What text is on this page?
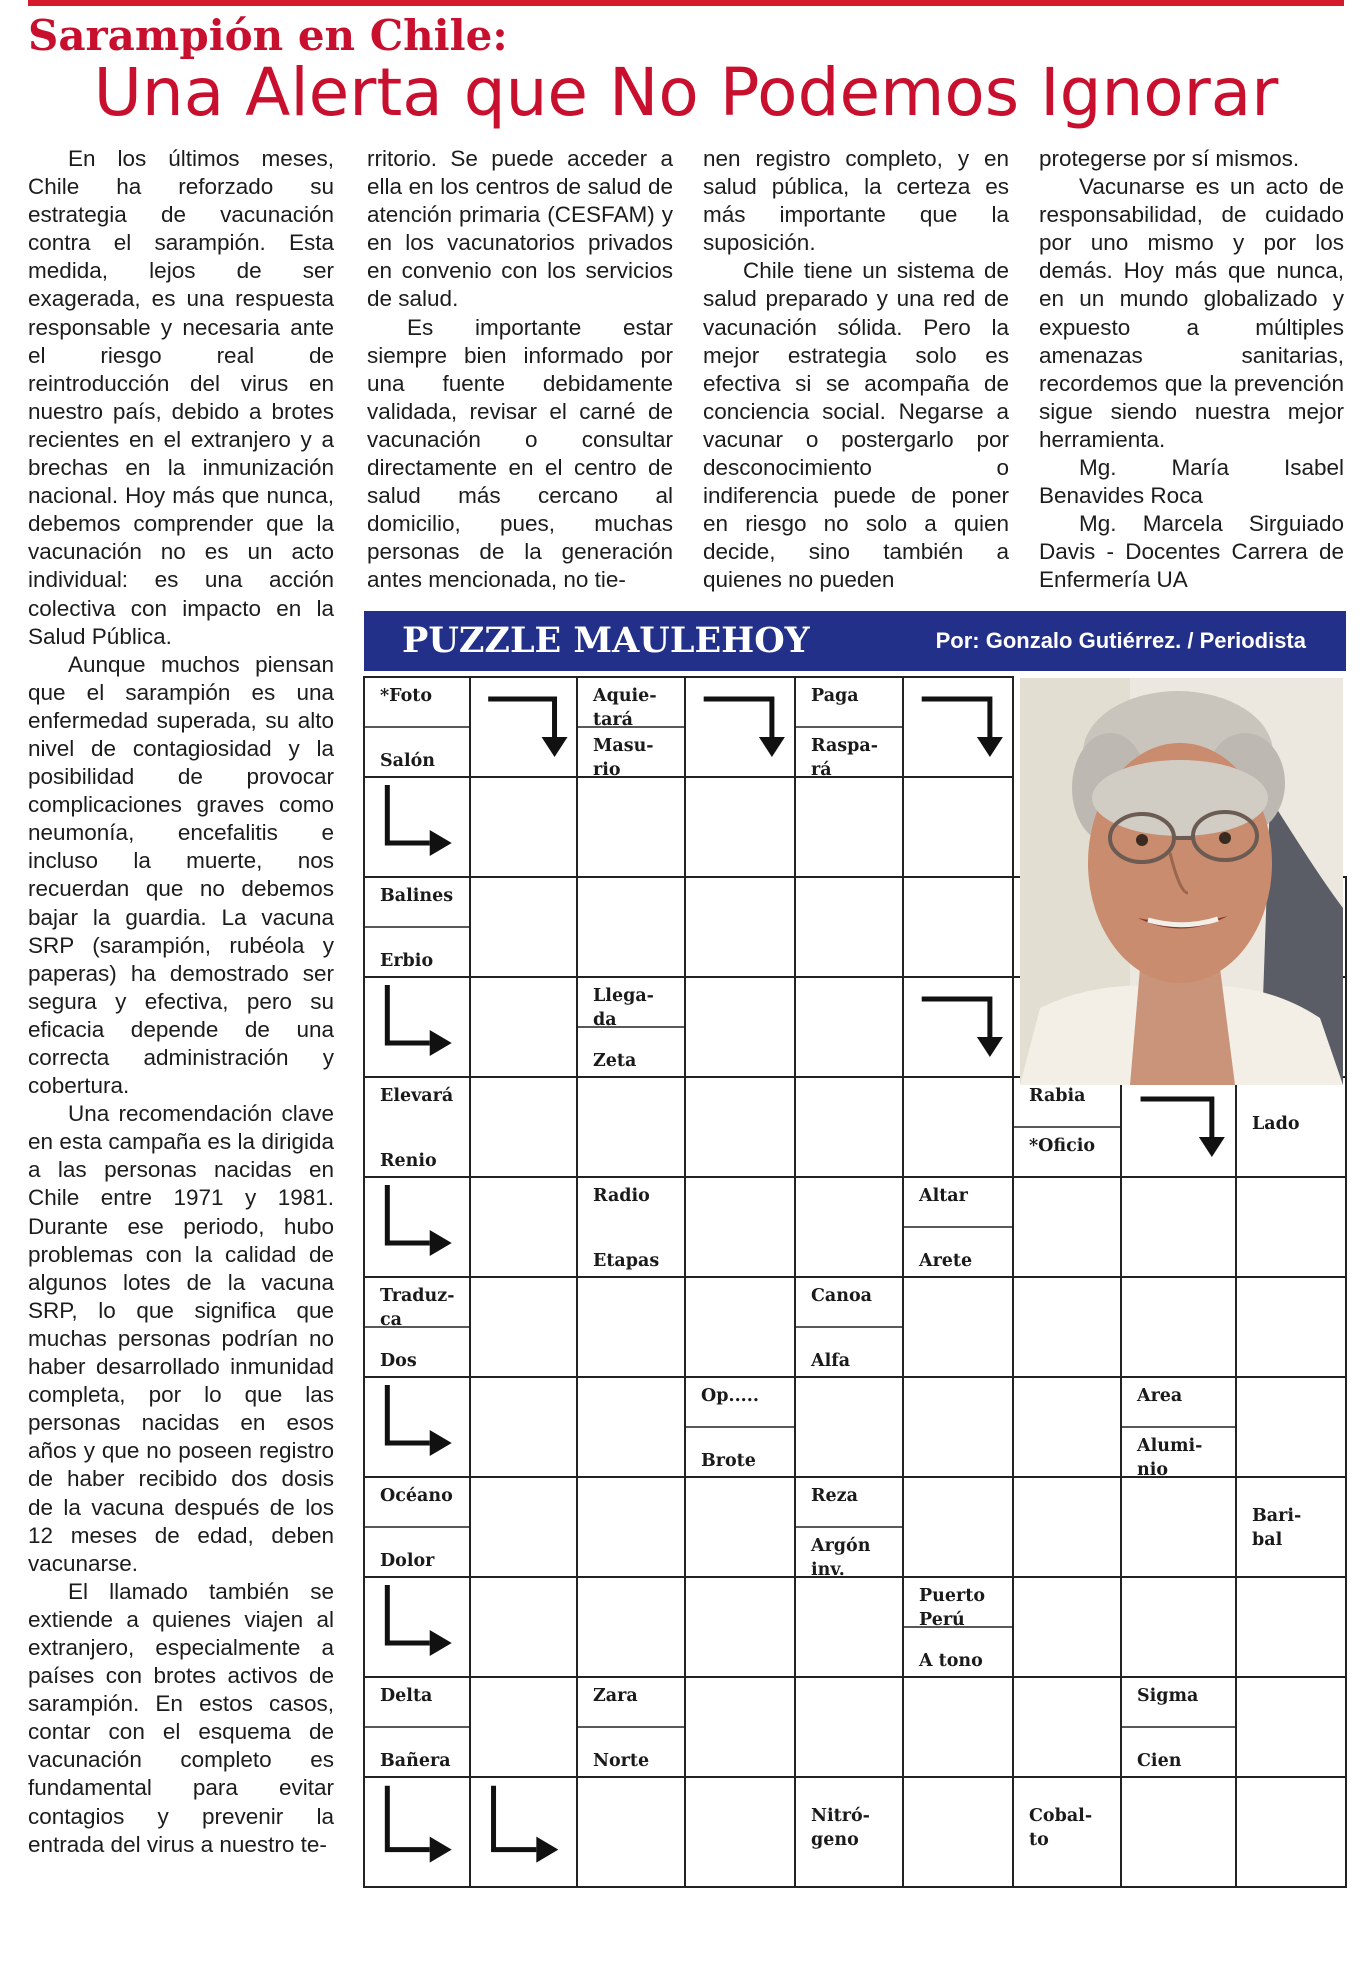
Sarampión en Chile:
Una Alerta que No Podemos Ignorar

En los últimos meses, Chile ha reforzado su estrategia de vacunación contra el sarampión. Esta medida, lejos de ser exagerada, es una respuesta responsable y necesaria ante el riesgo real de reintroducción del virus en nuestro país, debido a brotes recientes en el extranjero y a brechas en la inmunización nacional. Hoy más que nunca, debemos comprender que la vacunación no es un acto individual: es una acción colectiva con impacto en la Salud Pública.

Aunque muchos piensan que el sarampión es una enfermedad superada, su alto nivel de contagiosidad y la posibilidad de provocar complicaciones graves como neumonía, encefalitis e incluso la muerte, nos recuerdan que no debemos bajar la guardia. La vacuna SRP (sarampión, rubéola y paperas) ha demostrado ser segura y efectiva, pero su eficacia depende de una correcta administración y cobertura.

Una recomendación clave en esta campaña es la dirigida a las personas nacidas en Chile entre 1971 y 1981. Durante ese periodo, hubo problemas con la calidad de algunos lotes de la vacuna SRP, lo que significa que muchas personas podrían no haber desarrollado inmunidad completa, por lo que las personas nacidas en esos años y que no poseen registro de haber recibido dos dosis de la vacuna después de los 12 meses de edad, deben vacunarse.

El llamado también se extiende a quienes viajen al extranjero, especialmente a países con brotes activos de sarampión. En estos casos, contar con el esquema de vacunación completo es fundamental para evitar contagios y prevenir la entrada del virus a nuestro te-

rritorio. Se puede acceder a ella en los centros de salud de atención primaria (CESFAM) y en los vacunatorios privados en convenio con los servicios de salud.

Es importante estar siempre bien informado por una fuente debidamente validada, revisar el carné de vacunación o consultar directamente en el centro de salud más cercano al domicilio, pues, muchas personas de la generación antes mencionada, no tie-

nen registro completo, y en salud pública, la certeza es más importante que la suposición.

Chile tiene un sistema de salud preparado y una red de vacunación sólida. Pero la mejor estrategia solo es efectiva si se acompaña de conciencia social. Negarse a vacunar o postergarlo por desconocimiento o indiferencia puede de poner en riesgo no solo a quien decide, sino también a quienes no pueden

protegerse por sí mismos.

Vacunarse es un acto de responsabilidad, de cuidado por uno mismo y por los demás. Hoy más que nunca, en un mundo globalizado y expuesto a múltiples amenazas sanitarias, recordemos que la prevención sigue siendo nuestra mejor herramienta.

Mg. María Isabel Benavides Roca

Mg. Marcela Sirguiado Davis - Docentes Carrera de Enfermería UA

PUZZLE MAULEHOY	Por: Gonzalo Gutiérrez. / Periodista
*Foto
Salón
Aquie-tará
Masu-rio
Paga
Raspa-rá
Balines
Erbio
Llega-da
Zeta
Elevará
Renio
Rabia
*Oficio
Lado
Radio
Etapas
Altar
Arete
Traduz-ca
Dos
Canoa
Alfa
Op.....
Brote
Area
Alumi-nio
Océano
Dolor
Reza
Argón inv.
Bari-bal
Puerto Perú
A tono
Delta
Bañera
Zara
Norte
Sigma
Cien
Nitró-geno
Cobal-to
